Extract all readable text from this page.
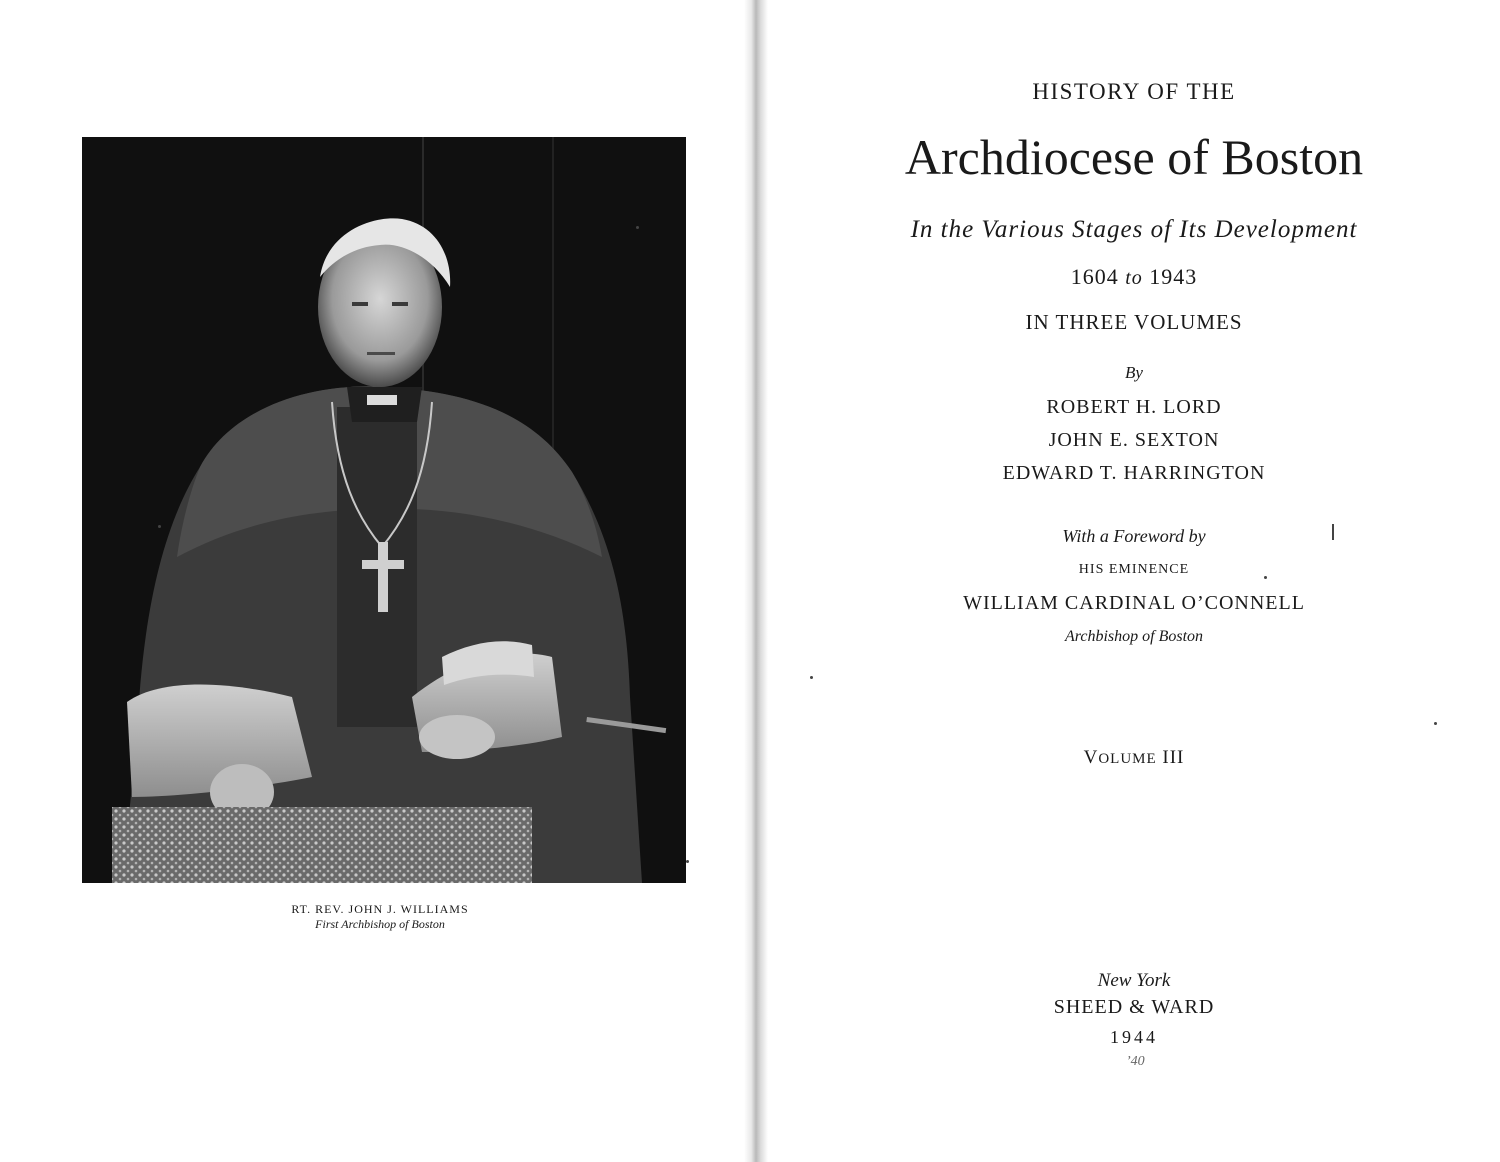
RT. REV. JOHN J. WILLIAMS
First Archbishop of Boston
HISTORY OF THE
Archdiocese of Boston
In the Various Stages of Its Development
1604 to 1943
IN THREE VOLUMES
By
ROBERT H. LORD
JOHN E. SEXTON
EDWARD T. HARRINGTON
With a Foreword by
HIS EMINENCE
WILLIAM CARDINAL O’CONNELL
Archbishop of Boston
VOLUME III
New York
SHEED & WARD
1944
’40
